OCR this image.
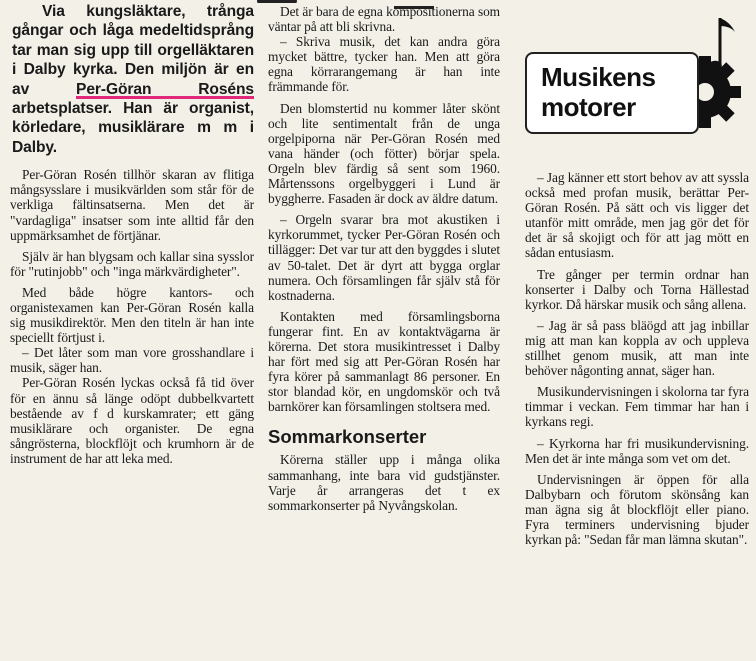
Via kungsläktare, trånga gångar och låga medeltidsprång tar man sig upp till orgelläktaren i Dalby kyrka. Den miljön är en av Per-Göran Roséns arbetsplatser. Han är organist, körledare, musiklärare m m i Dalby.

Per-Göran Rosén tillhör skaran av flitiga mångsysslare i musikvärlden som står för de verkliga fältinsatserna. Men det är "vardagliga" insatser som inte alltid får den uppmärksamhet de förtjänar.

Själv är han blygsam och kallar sina sysslor för "rutinjobb" och "inga märkvärdigheter".

Med både högre kantors- och organistexamen kan Per-Göran Rosén kalla sig musikdirektör. Men den titeln är han inte speciellt förtjust i.

– Det låter som man vore grosshandlare i musik, säger han.

Per-Göran Rosén lyckas också få tid över för en ännu så länge odöpt dubbelkvartett bestående av f d kurskamrater; ett gäng musiklärare och organister. De egna sångrösterna, blockflöjt och krumhorn är de instrument de har att leka med.

Det är bara de egna kompositionerna som väntar på att bli skrivna.

– Skriva musik, det kan andra göra mycket bättre, tycker han. Men att göra egna körrarangemang är han inte främmande för.

Den blomstertid nu kommer låter skönt och lite sentimentalt från de unga orgelpiporna när Per-Göran Rosén med vana händer (och fötter) börjar spela. Orgeln blev färdig så sent som 1960. Mårtenssons orgelbyggeri i Lund är byggherre. Fasaden är dock av äldre datum.

– Orgeln svarar bra mot akustiken i kyrkorummet, tycker Per-Göran Rosén och tillägger: Det var tur att den byggdes i slutet av 50-talet. Det är dyrt att bygga orglar numera. Och församlingen får själv stå för kostnaderna.

Kontakten med församlingsborna fungerar fint. En av kontaktvägarna är körerna. Det stora musikintresset i Dalby har fört med sig att Per-Göran Rosén har fyra körer på sammanlagt 86 personer. En stor blandad kör, en ungdomskör och två barnkörer kan församlingen stoltsera med.

Sommarkonserter

Körerna ställer upp i många olika sammanhang, inte bara vid gudstjänster. Varje år arrangeras det t ex sommarkonserter på Nyvångskolan.

Musikens
motorer

– Jag känner ett stort behov av att syssla också med profan musik, berättar Per-Göran Rosén. På sätt och vis ligger det utanför mitt område, men jag gör det för det är så skojigt och för att jag mött en sådan entusiasm.

Tre gånger per termin ordnar han konserter i Dalby och Torna Hällestad kyrkor. Då härskar musik och sång allena.

– Jag är så pass bläögd att jag inbillar mig att man kan koppla av och uppleva stillhet genom musik, att man inte behöver någonting annat, säger han.

Musikundervisningen i skolorna tar fyra timmar i veckan. Fem timmar har han i kyrkans regi.

– Kyrkorna har fri musikundervisning. Men det är inte många som vet om det.

Undervisningen är öppen för alla Dalbybarn och förutom skönsång kan man ägna sig åt blockflöjt eller piano. Fyra terminers undervisning bjuder kyrkan på: "Sedan får man lämna skutan".
